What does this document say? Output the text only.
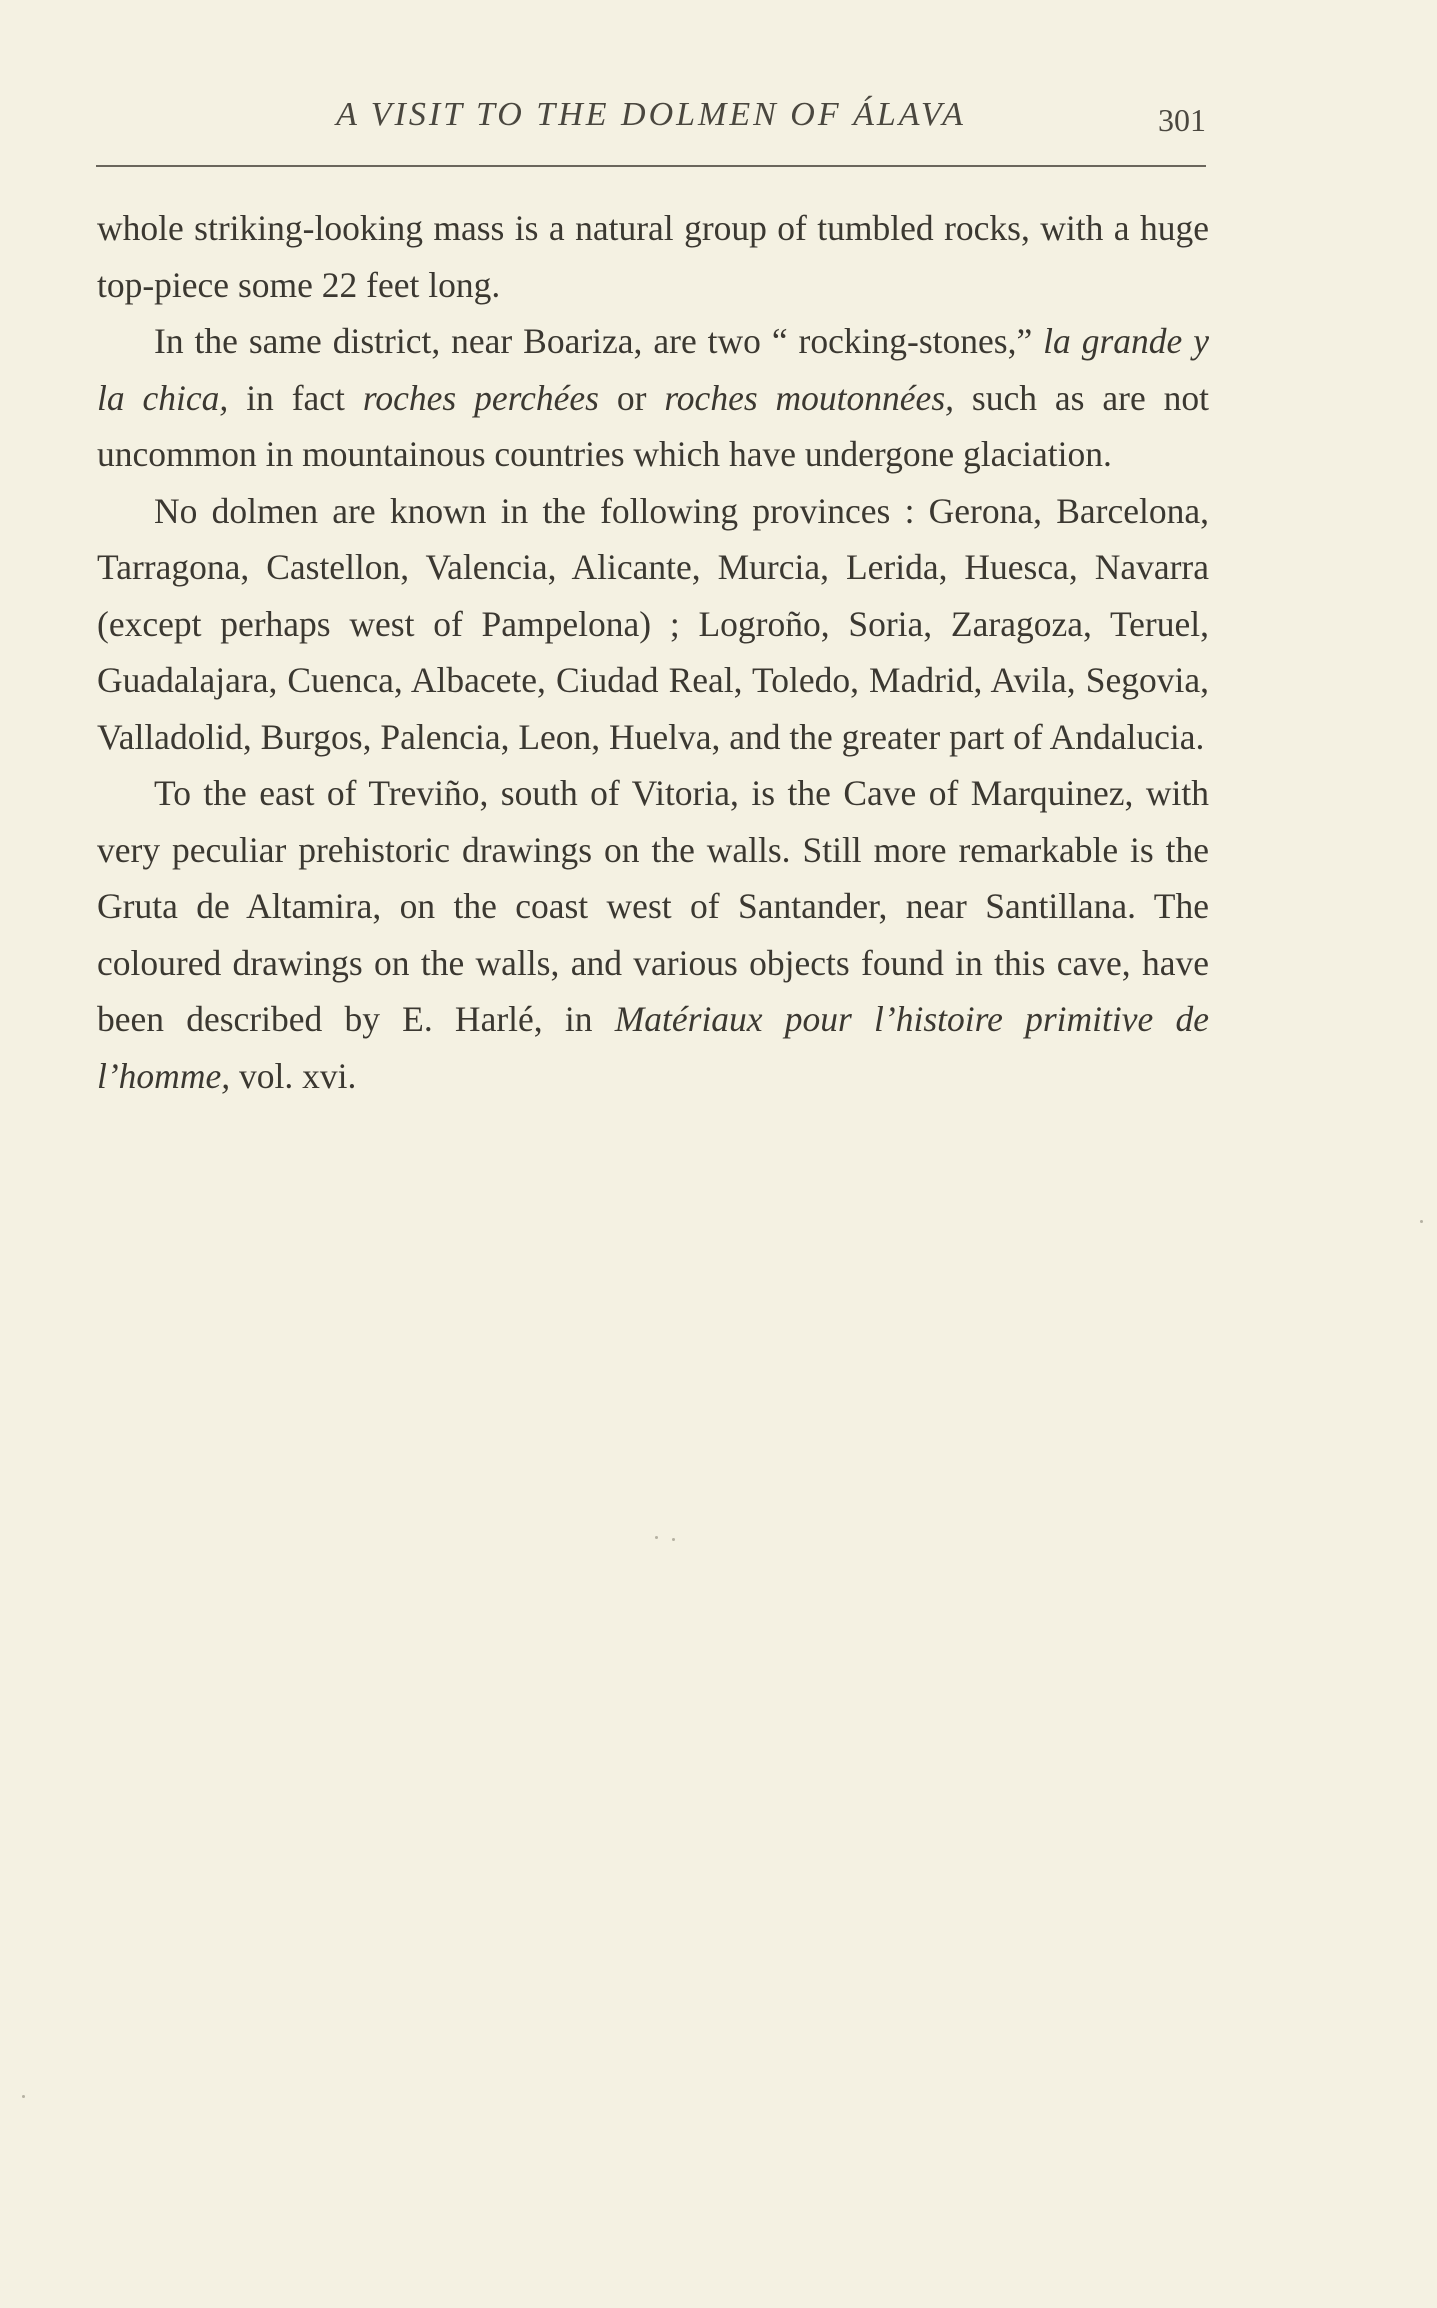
A VISIT TO THE DOLMEN OF ÁLAVA	301

whole striking-looking mass is a natural group of tumbled rocks, with a huge top-piece some 22 feet long.

In the same district, near Boariza, are two “ rocking-stones,” la grande y la chica, in fact roches perchées or roches moutonnées, such as are not uncommon in mountainous countries which have undergone glaciation.

No dolmen are known in the following provinces : Gerona, Barcelona, Tarragona, Castellon, Valencia, Alicante, Murcia, Lerida, Huesca, Navarra (except perhaps west of Pampelona) ; Logroño, Soria, Zaragoza, Teruel, Guadalajara, Cuenca, Albacete, Ciudad Real, Toledo, Madrid, Avila, Segovia, Valladolid, Burgos, Palencia, Leon, Huelva, and the greater part of Andalucia.

To the east of Treviño, south of Vitoria, is the Cave of Marquinez, with very peculiar prehistoric drawings on the walls. Still more remarkable is the Gruta de Altamira, on the coast west of Santander, near Santillana. The coloured drawings on the walls, and various objects found in this cave, have been described by E. Harlé, in Matériaux pour l’histoire primitive de l’homme, vol. xvi.
